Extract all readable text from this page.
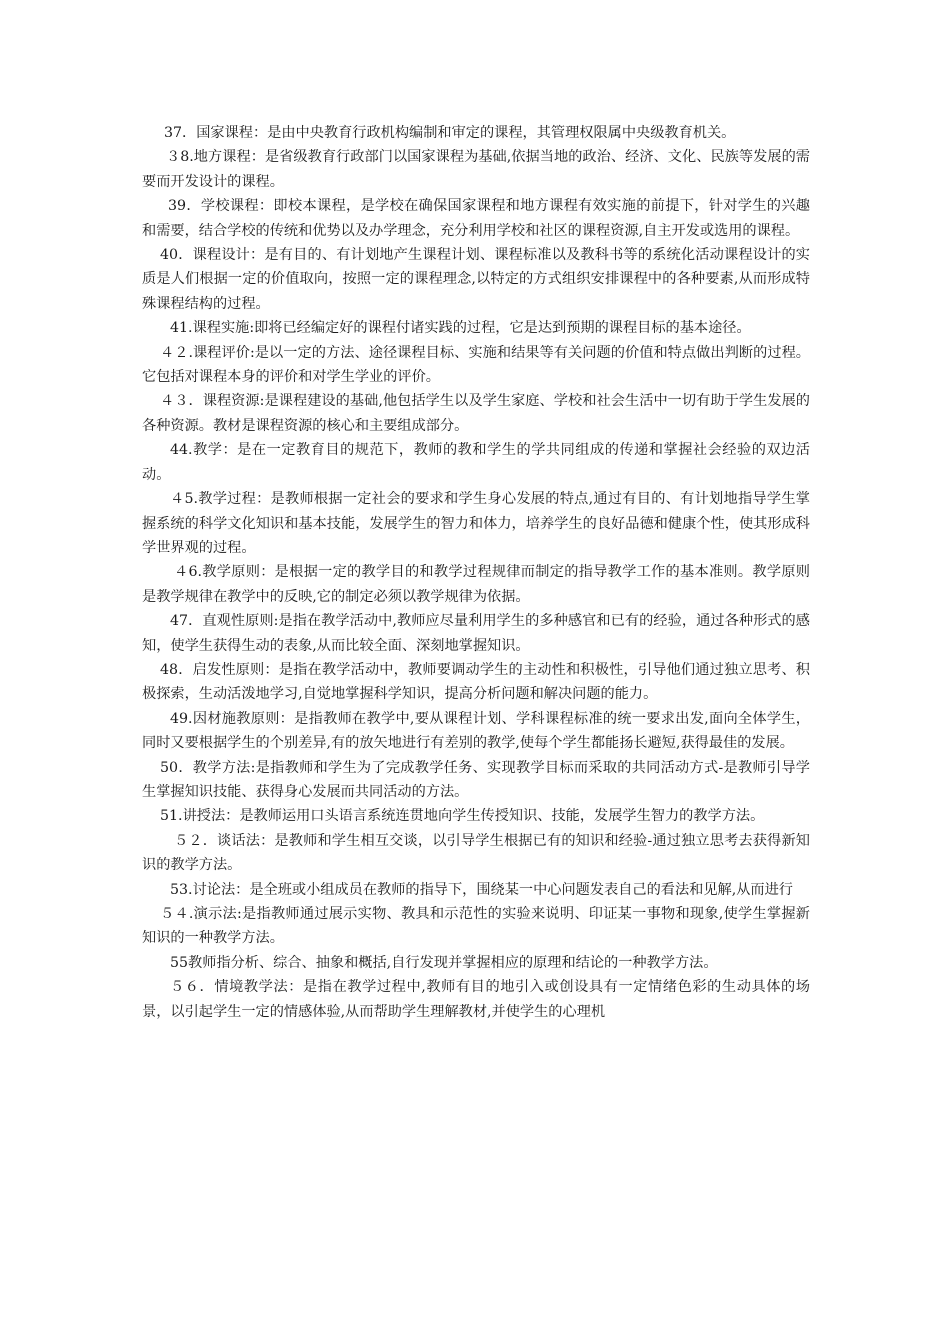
37．国家课程：是由中央教育行政机构编制和审定的课程，其管理权限属中央级教育机关。

３8.地方课程：是省级教育行政部门以国家课程为基础,依据当地的政治、经济、文化、民族等发展的需要而开发设计的课程。

39．学校课程：即校本课程，是学校在确保国家课程和地方课程有效实施的前提下，针对学生的兴趣和需要，结合学校的传统和优势以及办学理念，充分利用学校和社区的课程资源,自主开发或选用的课程。

40．课程设计：是有目的、有计划地产生课程计划、课程标准以及教科书等的系统化活动课程设计的实质是人们根据一定的价值取向，按照一定的课程理念,以特定的方式组织安排课程中的各种要素,从而形成特殊课程结构的过程。

41.课程实施:即将已经编定好的课程付诸实践的过程，它是达到预期的课程目标的基本途径。

４２.课程评价:是以一定的方法、途径课程目标、实施和结果等有关问题的价值和特点做出判断的过程。它包括对课程本身的评价和对学生学业的评价。

４３．课程资源:是课程建设的基础,他包括学生以及学生家庭、学校和社会生活中一切有助于学生发展的各种资源。教材是课程资源的核心和主要组成部分。

44.教学：是在一定教育目的规范下，教师的教和学生的学共同组成的传递和掌握社会经验的双边活动。

４5.教学过程：是教师根据一定社会的要求和学生身心发展的特点,通过有目的、有计划地指导学生掌握系统的科学文化知识和基本技能，发展学生的智力和体力，培养学生的良好品德和健康个性，使其形成科学世界观的过程。

４6.教学原则：是根据一定的教学目的和教学过程规律而制定的指导教学工作的基本准则。教学原则是教学规律在教学中的反映,它的制定必须以教学规律为依据。

47．直观性原则:是指在教学活动中,教师应尽量利用学生的多种感官和已有的经验，通过各种形式的感知，使学生获得生动的表象,从而比较全面、深刻地掌握知识。

48．启发性原则：是指在教学活动中，教师要调动学生的主动性和积极性，引导他们通过独立思考、积极探索，生动活泼地学习,自觉地掌握科学知识，提高分析问题和解决问题的能力。

49.因材施教原则：是指教师在教学中,要从课程计划、学科课程标准的统一要求出发,面向全体学生，同时又要根据学生的个别差异,有的放矢地进行有差别的教学,使每个学生都能扬长避短,获得最佳的发展。

50．教学方法:是指教师和学生为了完成教学任务、实现教学目标而采取的共同活动方式-是教师引导学生掌握知识技能、获得身心发展而共同活动的方法。

51.讲授法：是教师运用口头语言系统连贯地向学生传授知识、技能，发展学生智力的教学方法。

５２．谈话法：是教师和学生相互交谈，以引导学生根据已有的知识和经验-通过独立思考去获得新知识的教学方法。

53.讨论法：是全班或小组成员在教师的指导下，围绕某一中心问题发表自己的看法和见解,从而进行

５４.演示法:是指教师通过展示实物、教具和示范性的实验来说明、印证某一事物和现象,使学生掌握新知识的一种教学方法。

55教师指分析、综合、抽象和概括,自行发现并掌握相应的原理和结论的一种教学方法。

５６．情境教学法：是指在教学过程中,教师有目的地引入或创设具有一定情绪色彩的生动具体的场景，以引起学生一定的情感体验,从而帮助学生理解教材,并使学生的心理机
